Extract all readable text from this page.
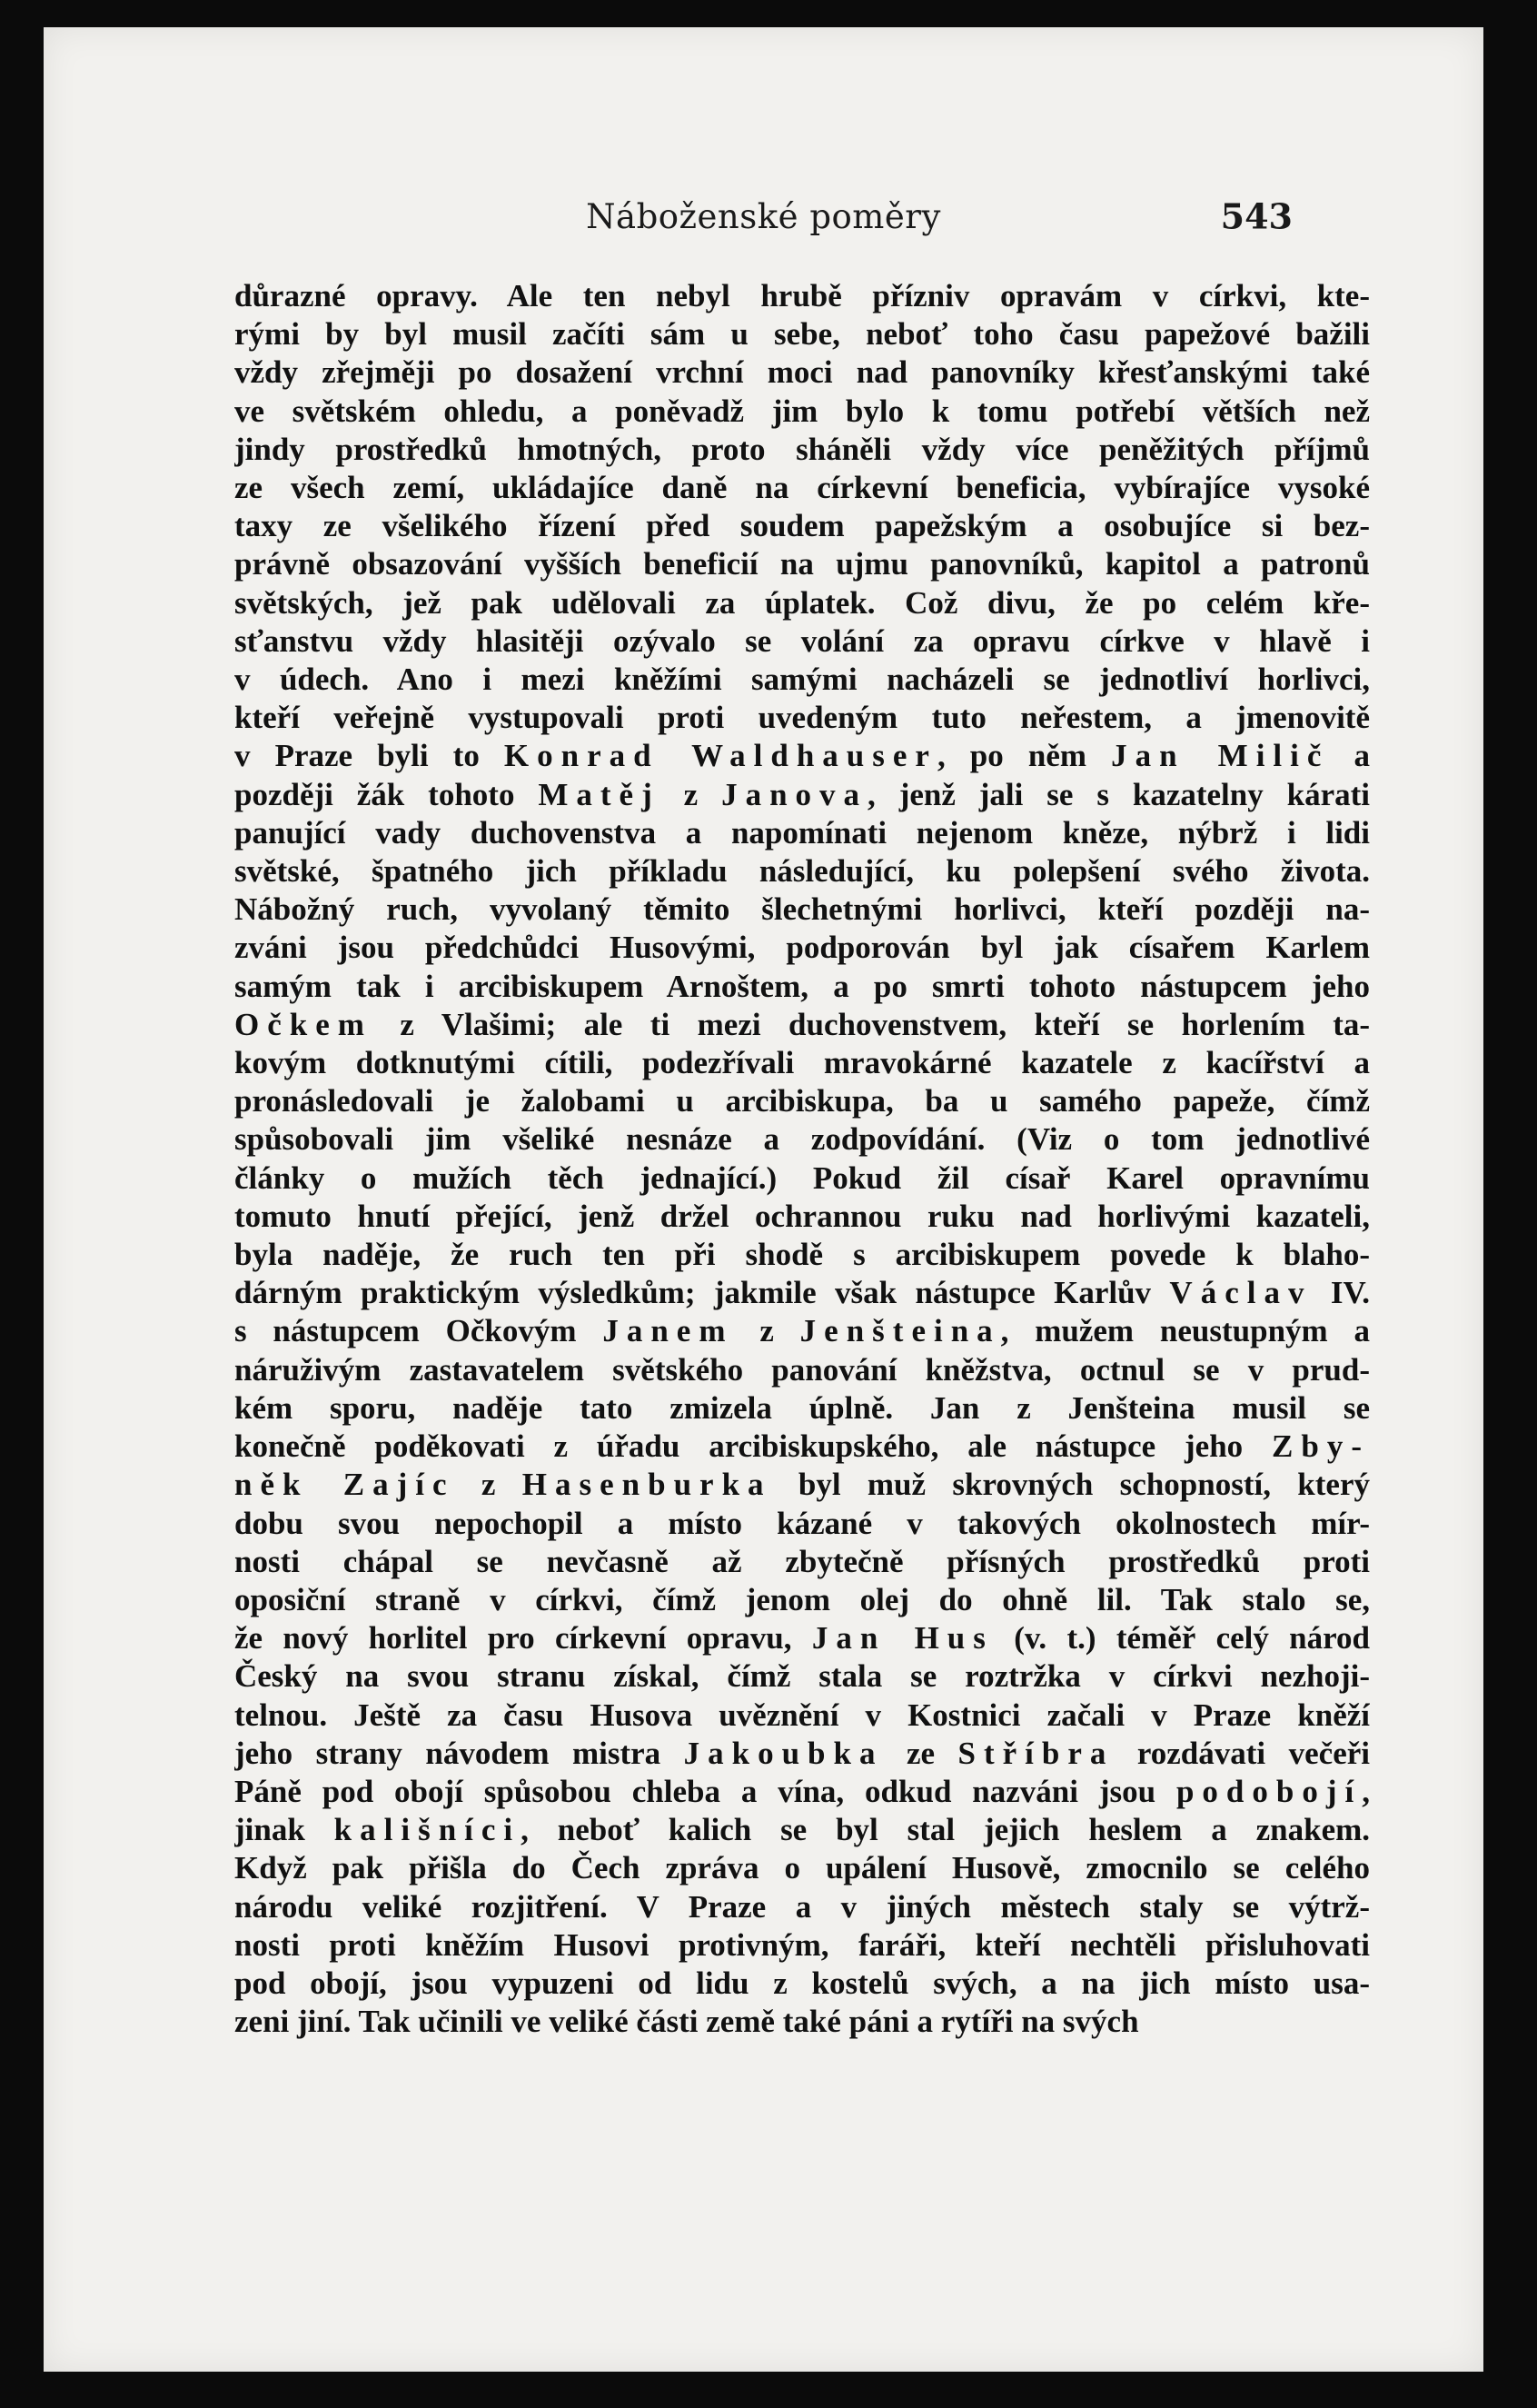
Náboženské poměry	543
důrazné opravy. Ale ten nebyl hrubě přízniv opravám v církvi, kte-
rými by byl musil začíti sám u sebe, neboť toho času papežové bažili
vždy zřejměji po dosažení vrchní moci nad panovníky křesťanskými také
ve světském ohledu, a poněvadž jim bylo k tomu potřebí větších než
jindy prostředků hmotných, proto sháněli vždy více peněžitých příjmů
ze všech zemí, ukládajíce daně na církevní beneficia, vybírajíce vysoké
taxy ze všelikého řízení před soudem papežským a osobujíce si bez-
právně obsazování vyšších beneficií na ujmu panovníků, kapitol a patronů
světských, jež pak udělovali za úplatek. Což divu, že po celém kře-
sťanstvu vždy hlasitěji ozývalo se volání za opravu církve v hlavě i
v údech. Ano i mezi kněžími samými nacházeli se jednotliví horlivci,
kteří veřejně vystupovali proti uvedeným tuto neřestem, a jmenovitě
v Praze byli to Konrad Waldhauser, po něm Jan Milič a
později žák tohoto Matěj z Janova, jenž jali se s kazatelny kárati
panující vady duchovenstva a napomínati nejenom kněze, nýbrž i lidi
světské, špatného jich příkladu následující, ku polepšení svého života.
Nábožný ruch, vyvolaný těmito šlechetnými horlivci, kteří později na-
zváni jsou předchůdci Husovými, podporován byl jak císařem Karlem
samým tak i arcibiskupem Arnoštem, a po smrti tohoto nástupcem jeho
Očkem z Vlašimi; ale ti mezi duchovenstvem, kteří se horlením ta-
kovým dotknutými cítili, podezřívali mravokárné kazatele z kacířství a
pronásledovali je žalobami u arcibiskupa, ba u samého papeže, čímž
spůsobovali jim všeliké nesnáze a zodpovídání. (Viz o tom jednotlivé
články o mužích těch jednající.) Pokud žil císař Karel opravnímu
tomuto hnutí přející, jenž držel ochrannou ruku nad horlivými kazateli,
byla naděje, že ruch ten při shodě s arcibiskupem povede k blaho-
dárným praktickým výsledkům; jakmile však nástupce Karlův Václav IV.
s nástupcem Očkovým Janem z Jenšteina, mužem neustupným a
náruživým zastavatelem světského panování kněžstva, octnul se v prud-
kém sporu, naděje tato zmizela úplně. Jan z Jenšteina musil se
konečně poděkovati z úřadu arcibiskupského, ale nástupce jeho Zby-
něk Zajíc z Hasenburka byl muž skrovných schopností, který
dobu svou nepochopil a místo kázané v takových okolnostech mír-
nosti chápal se nevčasně až zbytečně přísných prostředků proti
oposiční straně v církvi, čímž jenom olej do ohně lil. Tak stalo se,
že nový horlitel pro církevní opravu, Jan Hus (v. t.) téměř celý národ
Český na svou stranu získal, čímž stala se roztržka v církvi nezhoji-
telnou. Ještě za času Husova uvěznění v Kostnici začali v Praze kněží
jeho strany návodem mistra Jakoubka ze Stříbra rozdávati večeři
Páně pod obojí spůsobou chleba a vína, odkud nazváni jsou podobojí,
jinak kališníci, neboť kalich se byl stal jejich heslem a znakem.
Když pak přišla do Čech zpráva o upálení Husově, zmocnilo se celého
národu veliké rozjitření. V Praze a v jiných městech staly se výtrž-
nosti proti kněžím Husovi protivným, faráři, kteří nechtěli přisluhovati
pod obojí, jsou vypuzeni od lidu z kostelů svých, a na jich místo usa-
zeni jiní. Tak učinili ve veliké části země také páni a rytíři na svých
